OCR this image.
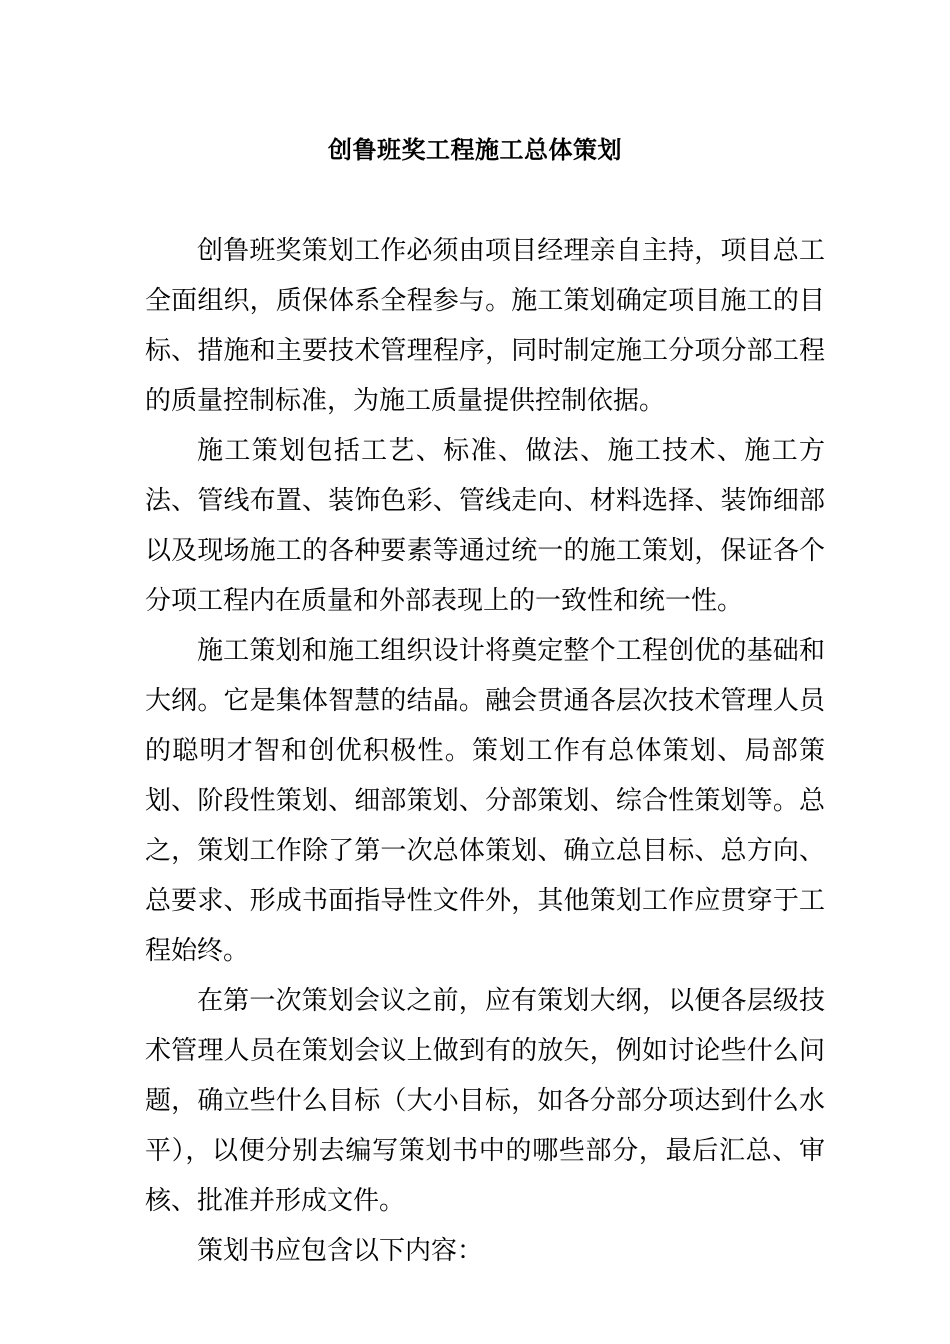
创鲁班奖工程施工总体策划

创鲁班奖策划工作必须由项目经理亲自主持，项目总工全面组织，质保体系全程参与。施工策划确定项目施工的目标、措施和主要技术管理程序，同时制定施工分项分部工程的质量控制标准，为施工质量提供控制依据。

施工策划包括工艺、标准、做法、施工技术、施工方法、管线布置、装饰色彩、管线走向、材料选择、装饰细部以及现场施工的各种要素等通过统一的施工策划，保证各个分项工程内在质量和外部表现上的一致性和统一性。

施工策划和施工组织设计将奠定整个工程创优的基础和大纲。它是集体智慧的结晶。融会贯通各层次技术管理人员的聪明才智和创优积极性。策划工作有总体策划、局部策划、阶段性策划、细部策划、分部策划、综合性策划等。总之，策划工作除了第一次总体策划、确立总目标、总方向、总要求、形成书面指导性文件外，其他策划工作应贯穿于工程始终。

在第一次策划会议之前，应有策划大纲，以便各层级技术管理人员在策划会议上做到有的放矢，例如讨论些什么问题，确立些什么目标（大小目标，如各分部分项达到什么水平），以便分别去编写策划书中的哪些部分，最后汇总、审核、批准并形成文件。

策划书应包含以下内容：
